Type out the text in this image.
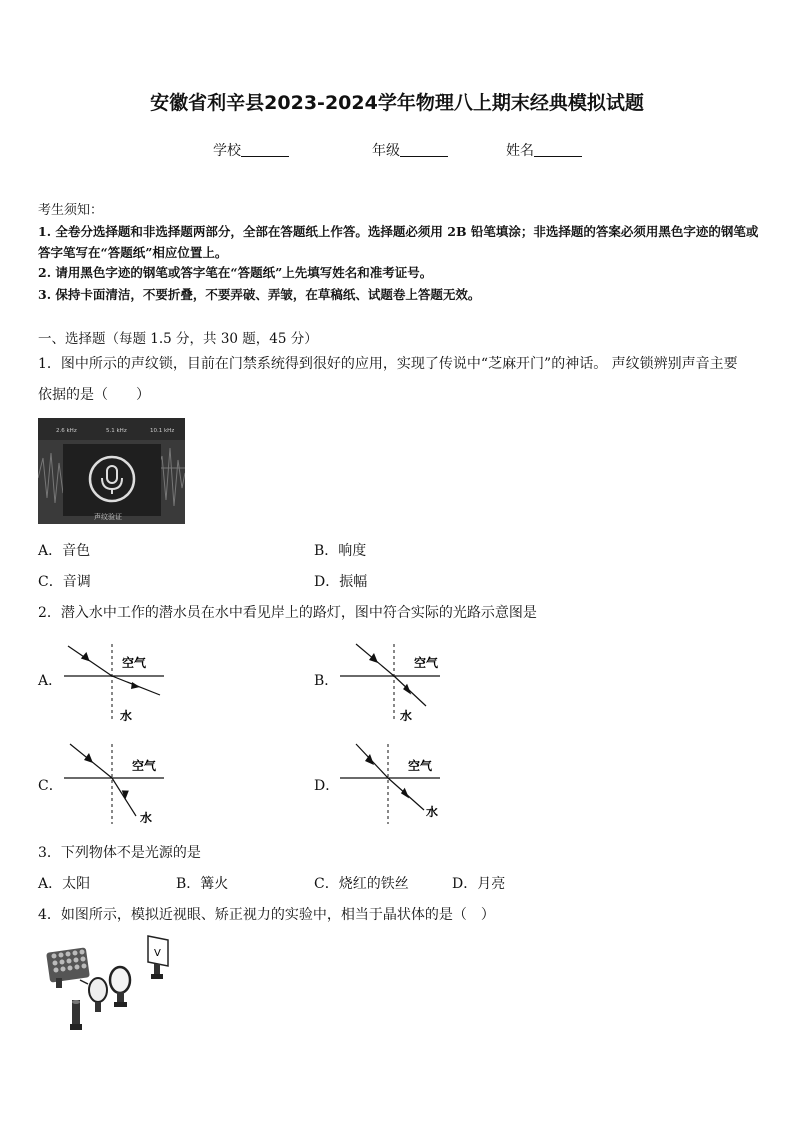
安徽省利辛县2023-2024学年物理八上期末经典模拟试题
学校	年级	姓名
考生须知：
1. 全卷分选择题和非选择题两部分，全部在答题纸上作答。选择题必须用 2B 铅笔填涂；非选择题的答案必须用黑色字迹的钢笔或答字笔写在“答题纸”相应位置上。
2. 请用黑色字迹的钢笔或答字笔在“答题纸”上先填写姓名和准考证号。
3. 保持卡面清洁，不要折叠，不要弄破、弄皱，在草稿纸、试题卷上答题无效。
一、选择题（每题 1.5 分，共 30 题，45 分）
1．图中所示的声纹锁，目前在门禁系统得到很好的应用，实现了传说中“芝麻开门”的神话。 声纹锁辨别声音主要
依据的是（　　）
2.6 kHz	5.1 kHz	10.1 kHz
声纹验证
A．音色	B．响度
C．音调	D．振幅
2．潜入水中工作的潜水员在水中看见岸上的路灯，图中符合实际的光路示意图是
A．
空气
水
B．
空气
水
C．
空气
水
D．
空气
水
3．下列物体不是光源的是
A．太阳	B．篝火	C．烧红的铁丝	D．月亮
4．如图所示，模拟近视眼、矫正视力的实验中，相当于晶状体的是（　）
V
